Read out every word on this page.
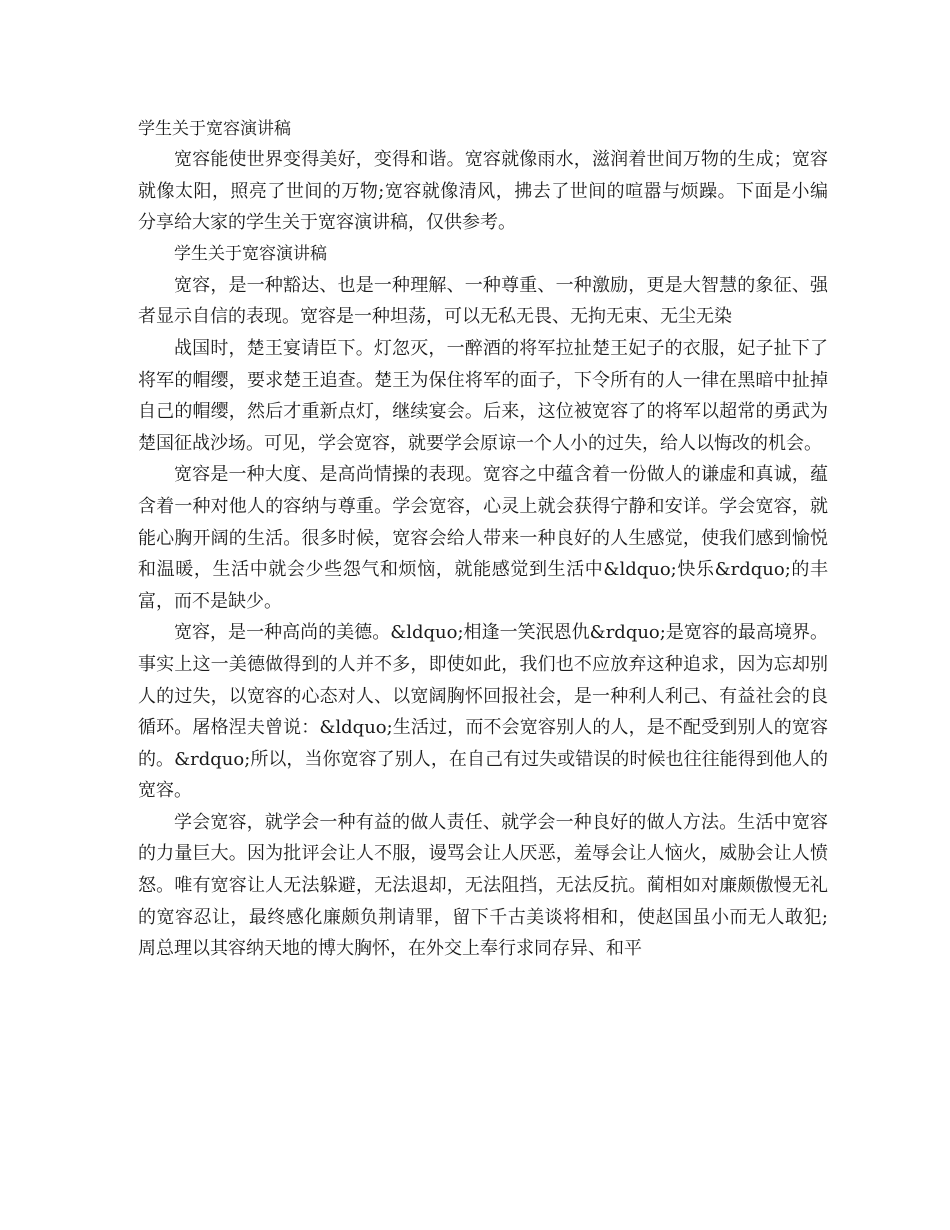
学生关于宽容演讲稿

宽容能使世界变得美好，变得和谐。宽容就像雨水，滋润着世间万物的生成；宽容就像太阳，照亮了世间的万物;宽容就像清风，拂去了世间的喧嚣与烦躁。下面是小编分享给大家的学生关于宽容演讲稿，仅供参考。

学生关于宽容演讲稿

宽容，是一种豁达、也是一种理解、一种尊重、一种激励，更是大智慧的象征、强者显示自信的表现。宽容是一种坦荡，可以无私无畏、无拘无束、无尘无染

战国时，楚王宴请臣下。灯忽灭，一醉酒的将军拉扯楚王妃子的衣服，妃子扯下了将军的帽缨，要求楚王追查。楚王为保住将军的面子，下令所有的人一律在黑暗中扯掉自己的帽缨，然后才重新点灯，继续宴会。后来，这位被宽容了的将军以超常的勇武为楚国征战沙场。可见，学会宽容，就要学会原谅一个人小的过失，给人以悔改的机会。

宽容是一种大度、是高尚情操的表现。宽容之中蕴含着一份做人的谦虚和真诚，蕴含着一种对他人的容纳与尊重。学会宽容，心灵上就会获得宁静和安详。学会宽容，就能心胸开阔的生活。很多时候，宽容会给人带来一种良好的人生感觉，使我们感到愉悦和温暖，生活中就会少些怨气和烦恼，就能感觉到生活中&ldquo;快乐&rdquo;的丰富，而不是缺少。

宽容，是一种高尚的美德。&ldquo;相逢一笑泯恩仇&rdquo;是宽容的最高境界。事实上这一美德做得到的人并不多，即使如此，我们也不应放弃这种追求，因为忘却别人的过失，以宽容的心态对人、以宽阔胸怀回报社会，是一种利人利己、有益社会的良循环。屠格涅夫曾说：&ldquo;生活过，而不会宽容别人的人，是不配受到别人的宽容的。&rdquo;所以，当你宽容了别人，在自己有过失或错误的时候也往往能得到他人的宽容。

学会宽容，就学会一种有益的做人责任、就学会一种良好的做人方法。生活中宽容的力量巨大。因为批评会让人不服，谩骂会让人厌恶，羞辱会让人恼火，威胁会让人愤怒。唯有宽容让人无法躲避，无法退却，无法阻挡，无法反抗。蔺相如对廉颇傲慢无礼的宽容忍让，最终感化廉颇负荆请罪，留下千古美谈将相和，使赵国虽小而无人敢犯;周总理以其容纳天地的博大胸怀，在外交上奉行求同存异、和平
